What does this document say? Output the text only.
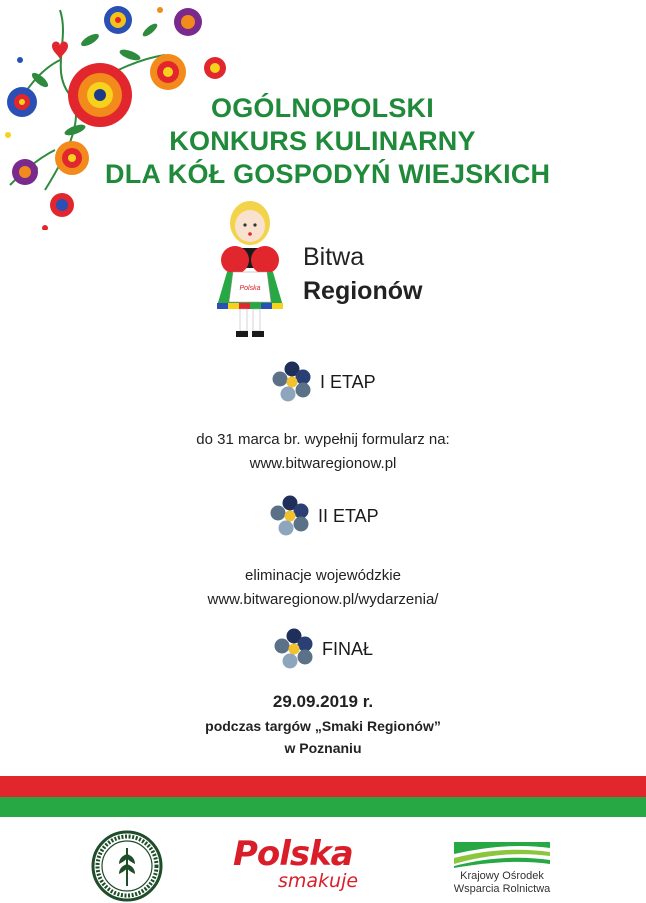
OGÓLNOPOLSKI
KONKURS KULINARNY
DLA KÓŁ GOSPODYŃ WIEJSKICH
Polska
Bitwa
Regionów
I ETAP
do 31 marca br. wypełnij formularz na:
www.bitwaregionow.pl
II ETAP
eliminacje wojewódzkie
www.bitwaregionow.pl/wydarzenia/
FINAŁ
29.09.2019 r.
podczas targów „Smaki Regionów”
w Poznaniu
Polska
smakuje	Krajowy Ośrodek
Wsparcia Rolnictwa
